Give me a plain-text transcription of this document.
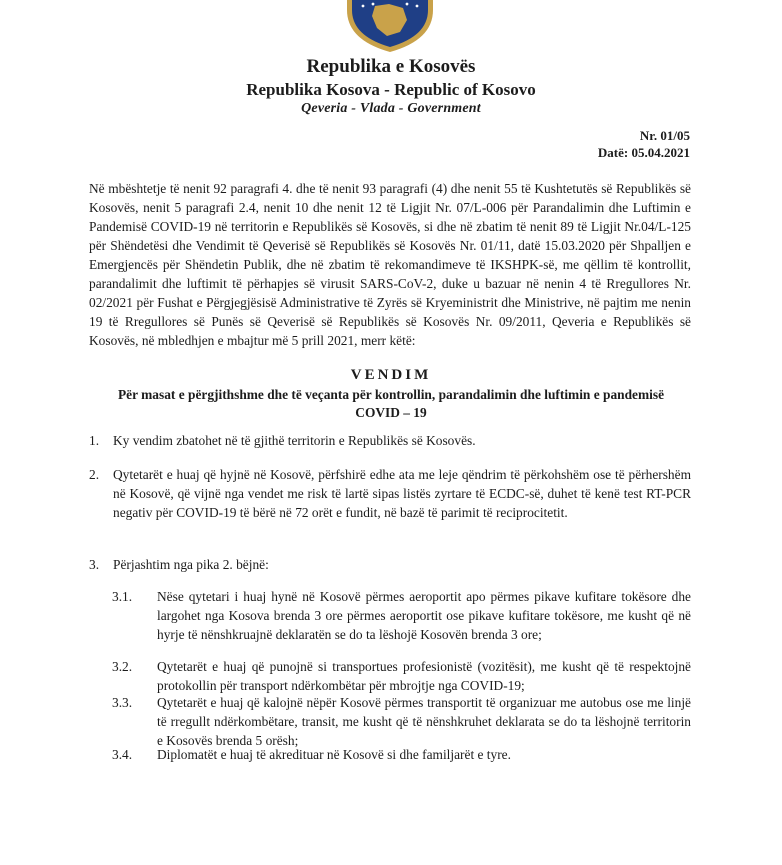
Republika e Kosovës
Republika Kosova - Republic of Kosovo
Qeveria - Vlada - Government
Nr. 01/05
Datë: 05.04.2021

Në mbështetje të nenit 92 paragrafi 4. dhe të nenit 93 paragrafi (4) dhe nenit 55 të Kushtetutës së Republikës së Kosovës, nenit 5 paragrafi 2.4, nenit 10 dhe nenit 12 të Ligjit Nr. 07/L-006 për Parandalimin dhe Luftimin e Pandemisë COVID-19 në territorin e Republikës së Kosovës, si dhe në zbatim të nenit 89 të Ligjit Nr.04/L-125 për Shëndetësi dhe Vendimit të Qeverisë së Republikës së Kosovës Nr. 01/11, datë 15.03.2020 për Shpalljen e Emergjencës për Shëndetin Publik, dhe në zbatim të rekomandimeve të IKSHPK-së, me qëllim të kontrollit, parandalimit dhe luftimit të përhapjes së virusit SARS-CoV-2, duke u bazuar në nenin 4 të Rregullores Nr. 02/2021 për Fushat e Përgjegjësisë Administrative të Zyrës së Kryeministrit dhe Ministrive, në pajtim me nenin 19 të Rregullores së Punës së Qeverisë së Republikës së Kosovës Nr. 09/2011, Qeveria e Republikës së Kosovës, në mbledhjen e mbajtur më 5 prill 2021, merr këtë:

VENDIM

Për masat e përgjithshme dhe të veçanta për kontrollin, parandalimin dhe luftimin e pandemisë COVID – 19

1. Ky vendim zbatohet në të gjithë territorin e Republikës së Kosovës.
2. Qytetarët e huaj që hyjnë në Kosovë, përfshirë edhe ata me leje qëndrim të përkohshëm ose të përhershëm në Kosovë, që vijnë nga vendet me risk të lartë sipas listës zyrtare të ECDC-së, duhet të kenë test RT-PCR negativ për COVID-19 të bërë në 72 orët e fundit, në bazë të parimit të reciprocitetit.
3. Përjashtim nga pika 2. bëjnë:
3.1. Nëse qytetari i huaj hynë në Kosovë përmes aeroportit apo përmes pikave kufitare tokësore dhe largohet nga Kosova brenda 3 ore përmes aeroportit ose pikave kufitare tokësore, me kusht që në hyrje të nënshkruajnë deklaratën se do ta lëshojë Kosovën brenda 3 ore;
3.2. Qytetarët e huaj që punojnë si transportues profesionistë (vozitësit), me kusht që të respektojnë protokollin për transport ndërkombëtar për mbrojtje nga COVID-19;
3.3. Qytetarët e huaj që kalojnë nëpër Kosovë përmes transportit të organizuar me autobus ose me linjë të rregullt ndërkombëtare, transit, me kusht që të nënshkruhet deklarata se do ta lëshojnë territorin e Kosovës brenda 5 orësh;
3.4. Diplomatët e huaj të akredituar në Kosovë si dhe familjarët e tyre.
